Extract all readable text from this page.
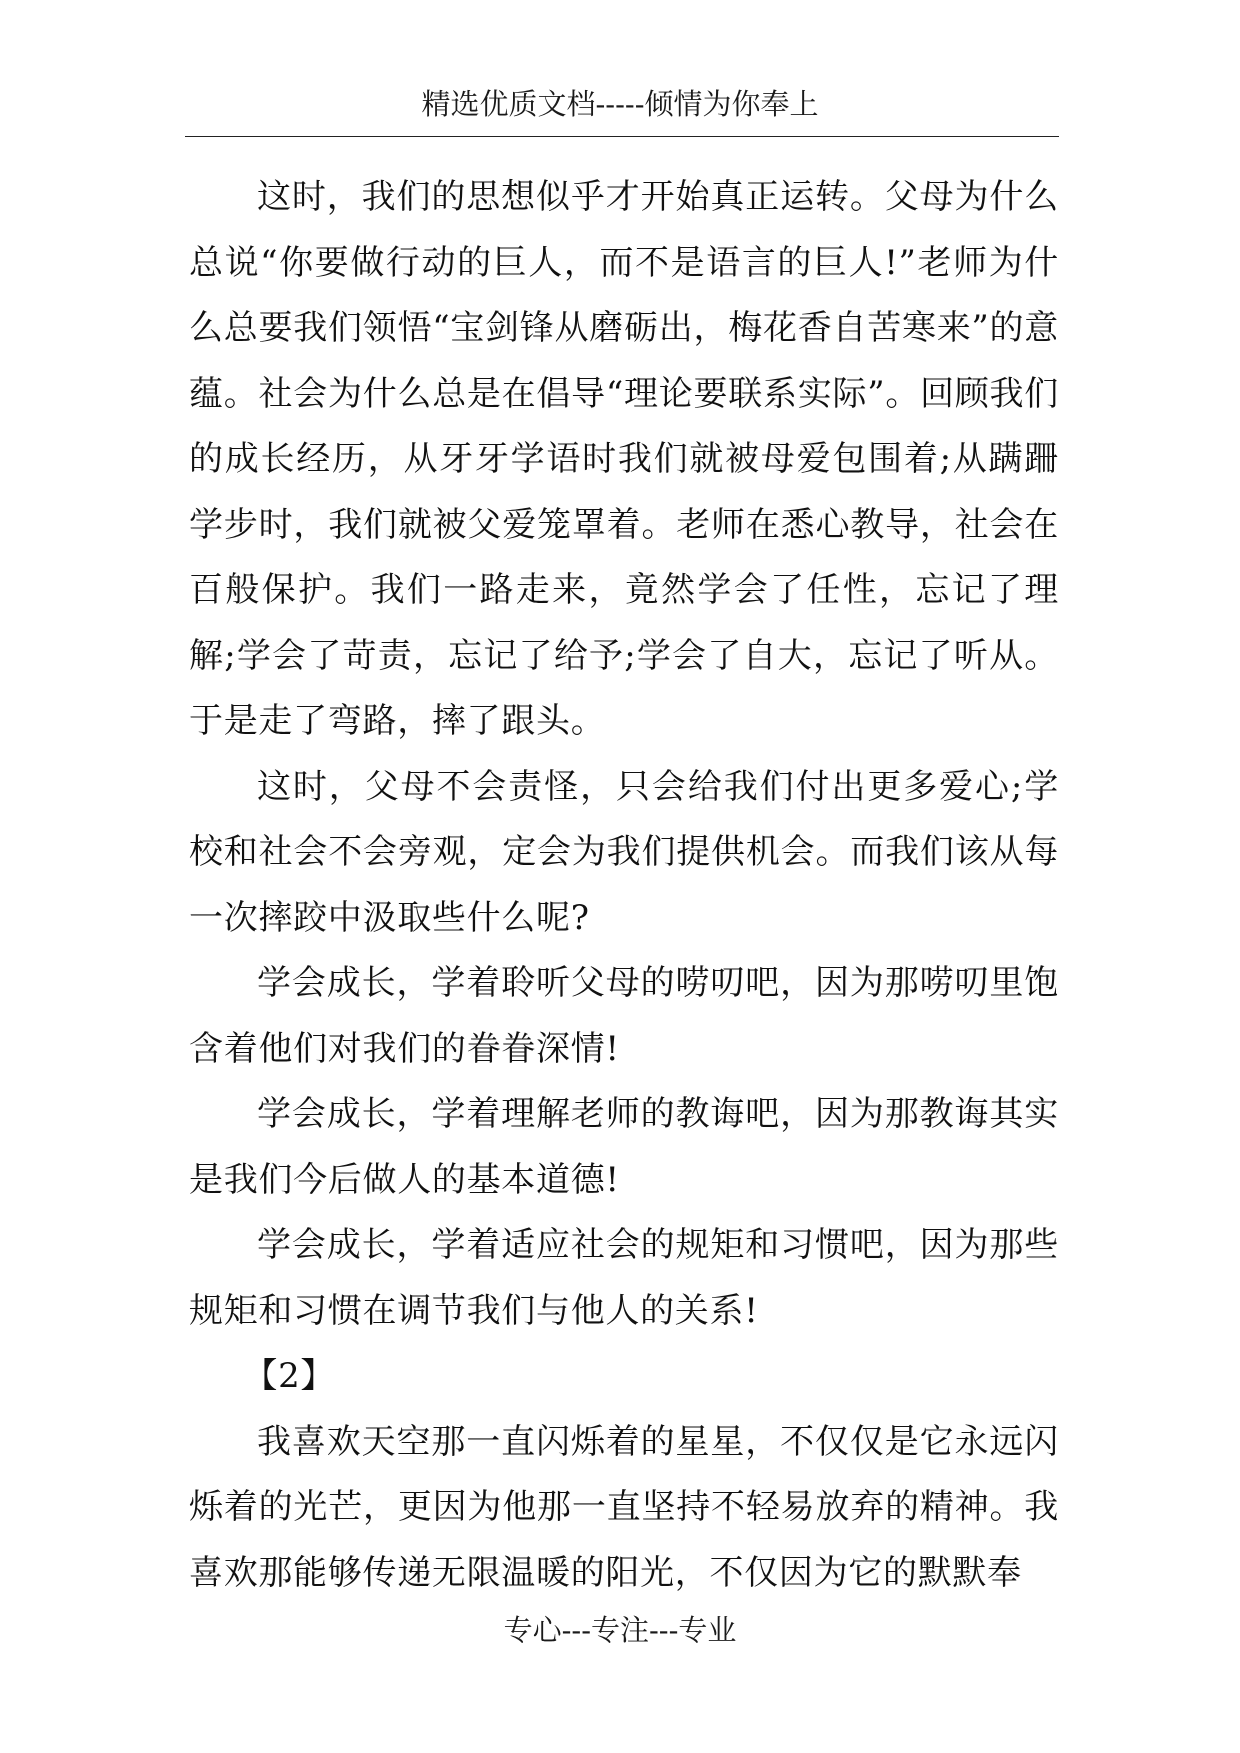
精选优质文档-----倾情为你奉上

这时，我们的思想似乎才开始真正运转。父母为什么总说“你要做行动的巨人，而不是语言的巨人!”老师为什么总要我们领悟“宝剑锋从磨砺出，梅花香自苦寒来”的意蕴。社会为什么总是在倡导“理论要联系实际”。回顾我们的成长经历，从牙牙学语时我们就被母爱包围着;从蹒跚学步时，我们就被父爱笼罩着。老师在悉心教导，社会在百般保护。我们一路走来，竟然学会了任性，忘记了理解;学会了苛责，忘记了给予;学会了自大，忘记了听从。于是走了弯路，摔了跟头。

这时，父母不会责怪，只会给我们付出更多爱心;学校和社会不会旁观，定会为我们提供机会。而我们该从每一次摔跤中汲取些什么呢?

学会成长，学着聆听父母的唠叨吧，因为那唠叨里饱含着他们对我们的眷眷深情!

学会成长，学着理解老师的教诲吧，因为那教诲其实是我们今后做人的基本道德!

学会成长，学着适应社会的规矩和习惯吧，因为那些规矩和习惯在调节我们与他人的关系!

【2】

我喜欢天空那一直闪烁着的星星，不仅仅是它永远闪烁着的光芒，更因为他那一直坚持不轻易放弃的精神。我喜欢那能够传递无限温暖的阳光，不仅因为它的默默奉

专心---专注---专业
